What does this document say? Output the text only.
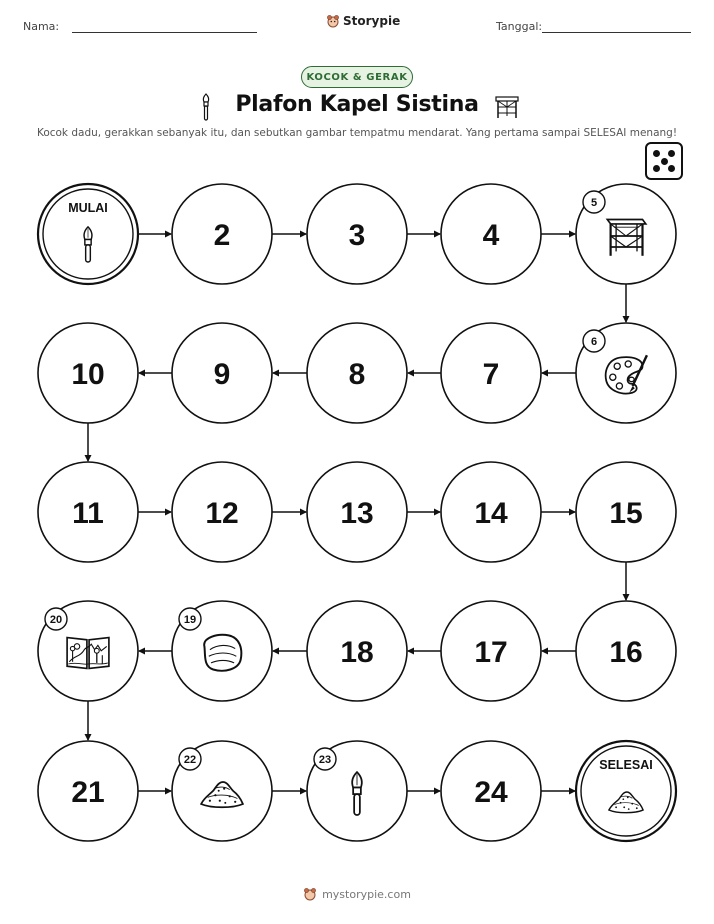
Nama:	Storypie	Tanggal:
KOCOK & GERAK
Plafon Kapel Sistina
Kocok dadu, gerakkan sebanyak itu, dan sebutkan gambar tempatmu mendarat. Yang pertama sampai SELESAI menang!
MULAI
2	3	4
5
6
7
8
9
10
11	12	13	14	15
16
17
18
19
20
21
22	23
24
SELESAI
mystorypie.com
